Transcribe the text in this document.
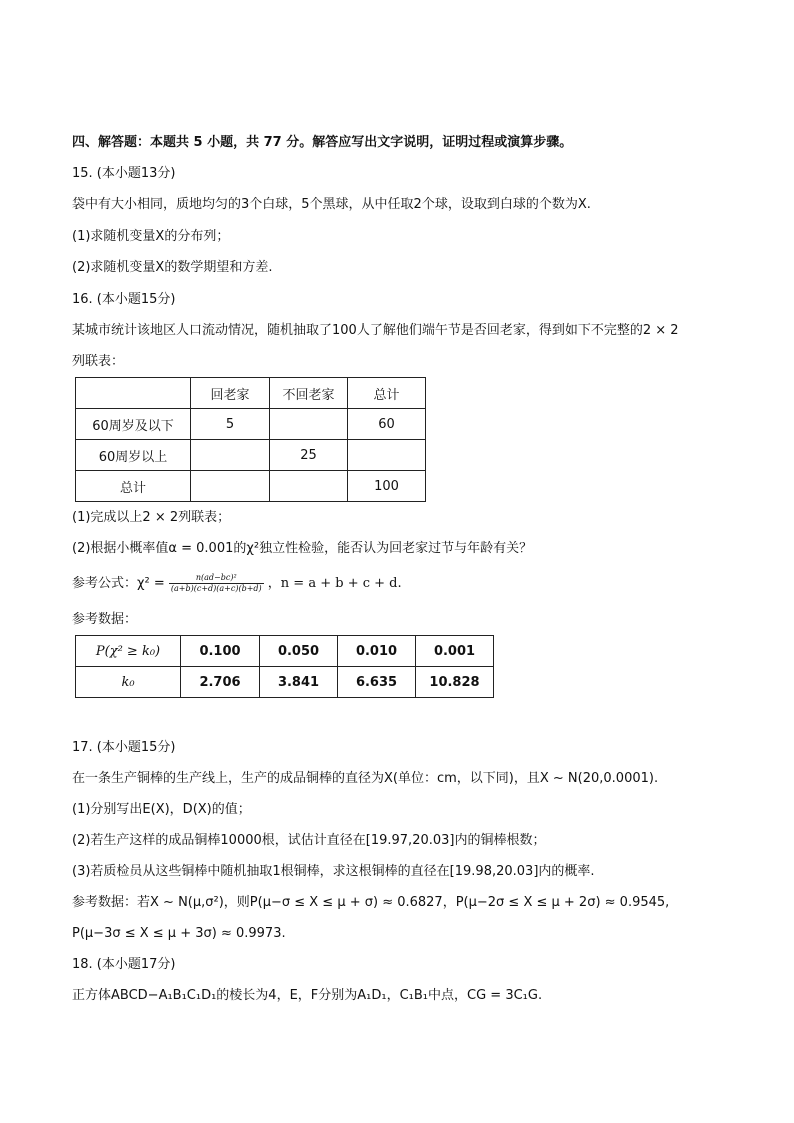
四、解答题：本题共 5 小题，共 77 分。解答应写出文字说明，证明过程或演算步骤。
15. (本小题13分)
袋中有大小相同，质地均匀的3个白球，5个黑球，从中任取2个球，设取到白球的个数为X.
(1)求随机变量X的分布列；
(2)求随机变量X的数学期望和方差.
16. (本小题15分)
某城市统计该地区人口流动情况，随机抽取了100人了解他们端午节是否回老家，得到如下不完整的2 × 2
列联表：
	回老家	不回老家	总计
60周岁及以下	5		60
60周岁以上		25	
总计			100
(1)完成以上2 × 2列联表；
(2)根据小概率值α = 0.001的χ²独立性检验，能否认为回老家过节与年龄有关？
参考公式：$\chi^2 = \frac{\text{n(ad−bc)²}}{(a+b)(c+d)(a+c)(b+d)}$ ，n = a + b + c + d.
参考数据：
P(χ² ≥ k₀)	0.100	0.050	0.010	0.001
k₀	2.706	3.841	6.635	10.828
17. (本小题15分)
在一条生产铜棒的生产线上，生产的成品铜棒的直径为X(单位：cm，以下同)，且X ~ N(20,0.0001).
(1)分别写出E(X)，D(X)的值；
(2)若生产这样的成品铜棒10000根，试估计直径在[19.97,20.03]内的铜棒根数；
(3)若质检员从这些铜棒中随机抽取1根铜棒，求这根铜棒的直径在[19.98,20.03]内的概率.
参考数据：若X ~ N(μ,σ²)，则P(μ−σ ≤ X ≤ μ + σ) ≈ 0.6827，P(μ−2σ ≤ X ≤ μ + 2σ) ≈ 0.9545,
P(μ−3σ ≤ X ≤ μ + 3σ) ≈ 0.9973.
18. (本小题17分)
正方体ABCD−A₁B₁C₁D₁的棱长为4，E，F分别为A₁D₁，C₁B₁中点，CG = 3C₁G.
